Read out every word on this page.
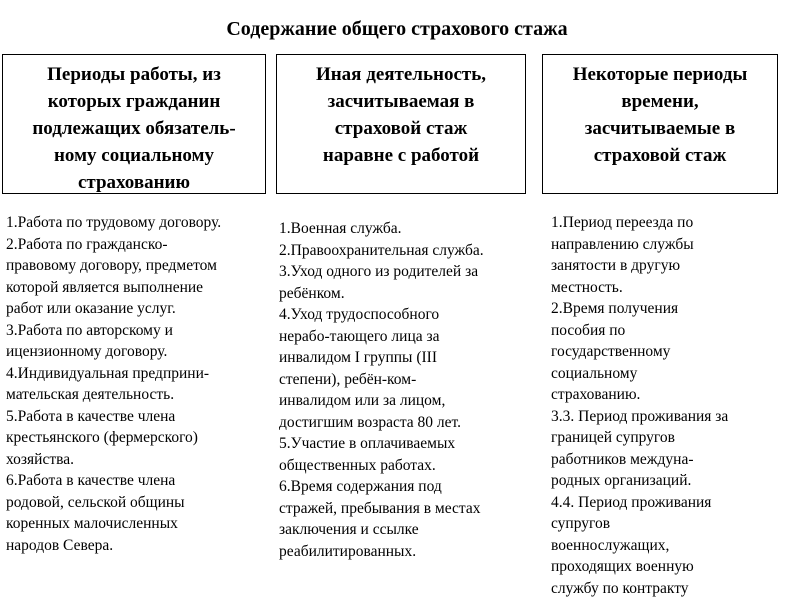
Содержание общего страхового стажа
Периоды работы, из
которых гражданин
подлежащих обязатель-
ному социальному
страхованию
Иная деятельность,
засчитываемая в
страховой стаж
наравне с работой
Некоторые периоды
времени,
засчитываемые в
страховой стаж
1.Работа по трудовому договору.
2.Работа по гражданско-
правовому договору, предметом
которой является выполнение
работ или оказание услуг.
3.Работа по авторскому и
ицензионному договору.
4.Индивидуальная предприни-
мательская деятельность.
5.Работа в качестве члена
крестьянского (фермерского)
хозяйства.
6.Работа в качестве члена
родовой, сельской общины
коренных малочисленных
народов Севера.
1.Военная служба.
2.Правоохранительная служба.
3.Уход одного из родителей за
ребёнком.
4.Уход трудоспособного
нерабо-тающего лица за
инвалидом I группы (III
степени), ребён-ком-
инвалидом или за лицом,
достигшим возраста 80 лет.
5.Участие в оплачиваемых
общественных работах.
6.Время содержания под
стражей, пребывания в местах
заключения и ссылке
реабилитированных.
1.Период переезда по
направлению службы
занятости в другую
местность.
2.Время получения
пособия по
государственному
социальному
страхованию.
3.3. Период проживания за
границей супругов
работников междуна-
родных организаций.
4.4. Период проживания
супругов
военнослужащих,
проходящих военную
службу по контракту
